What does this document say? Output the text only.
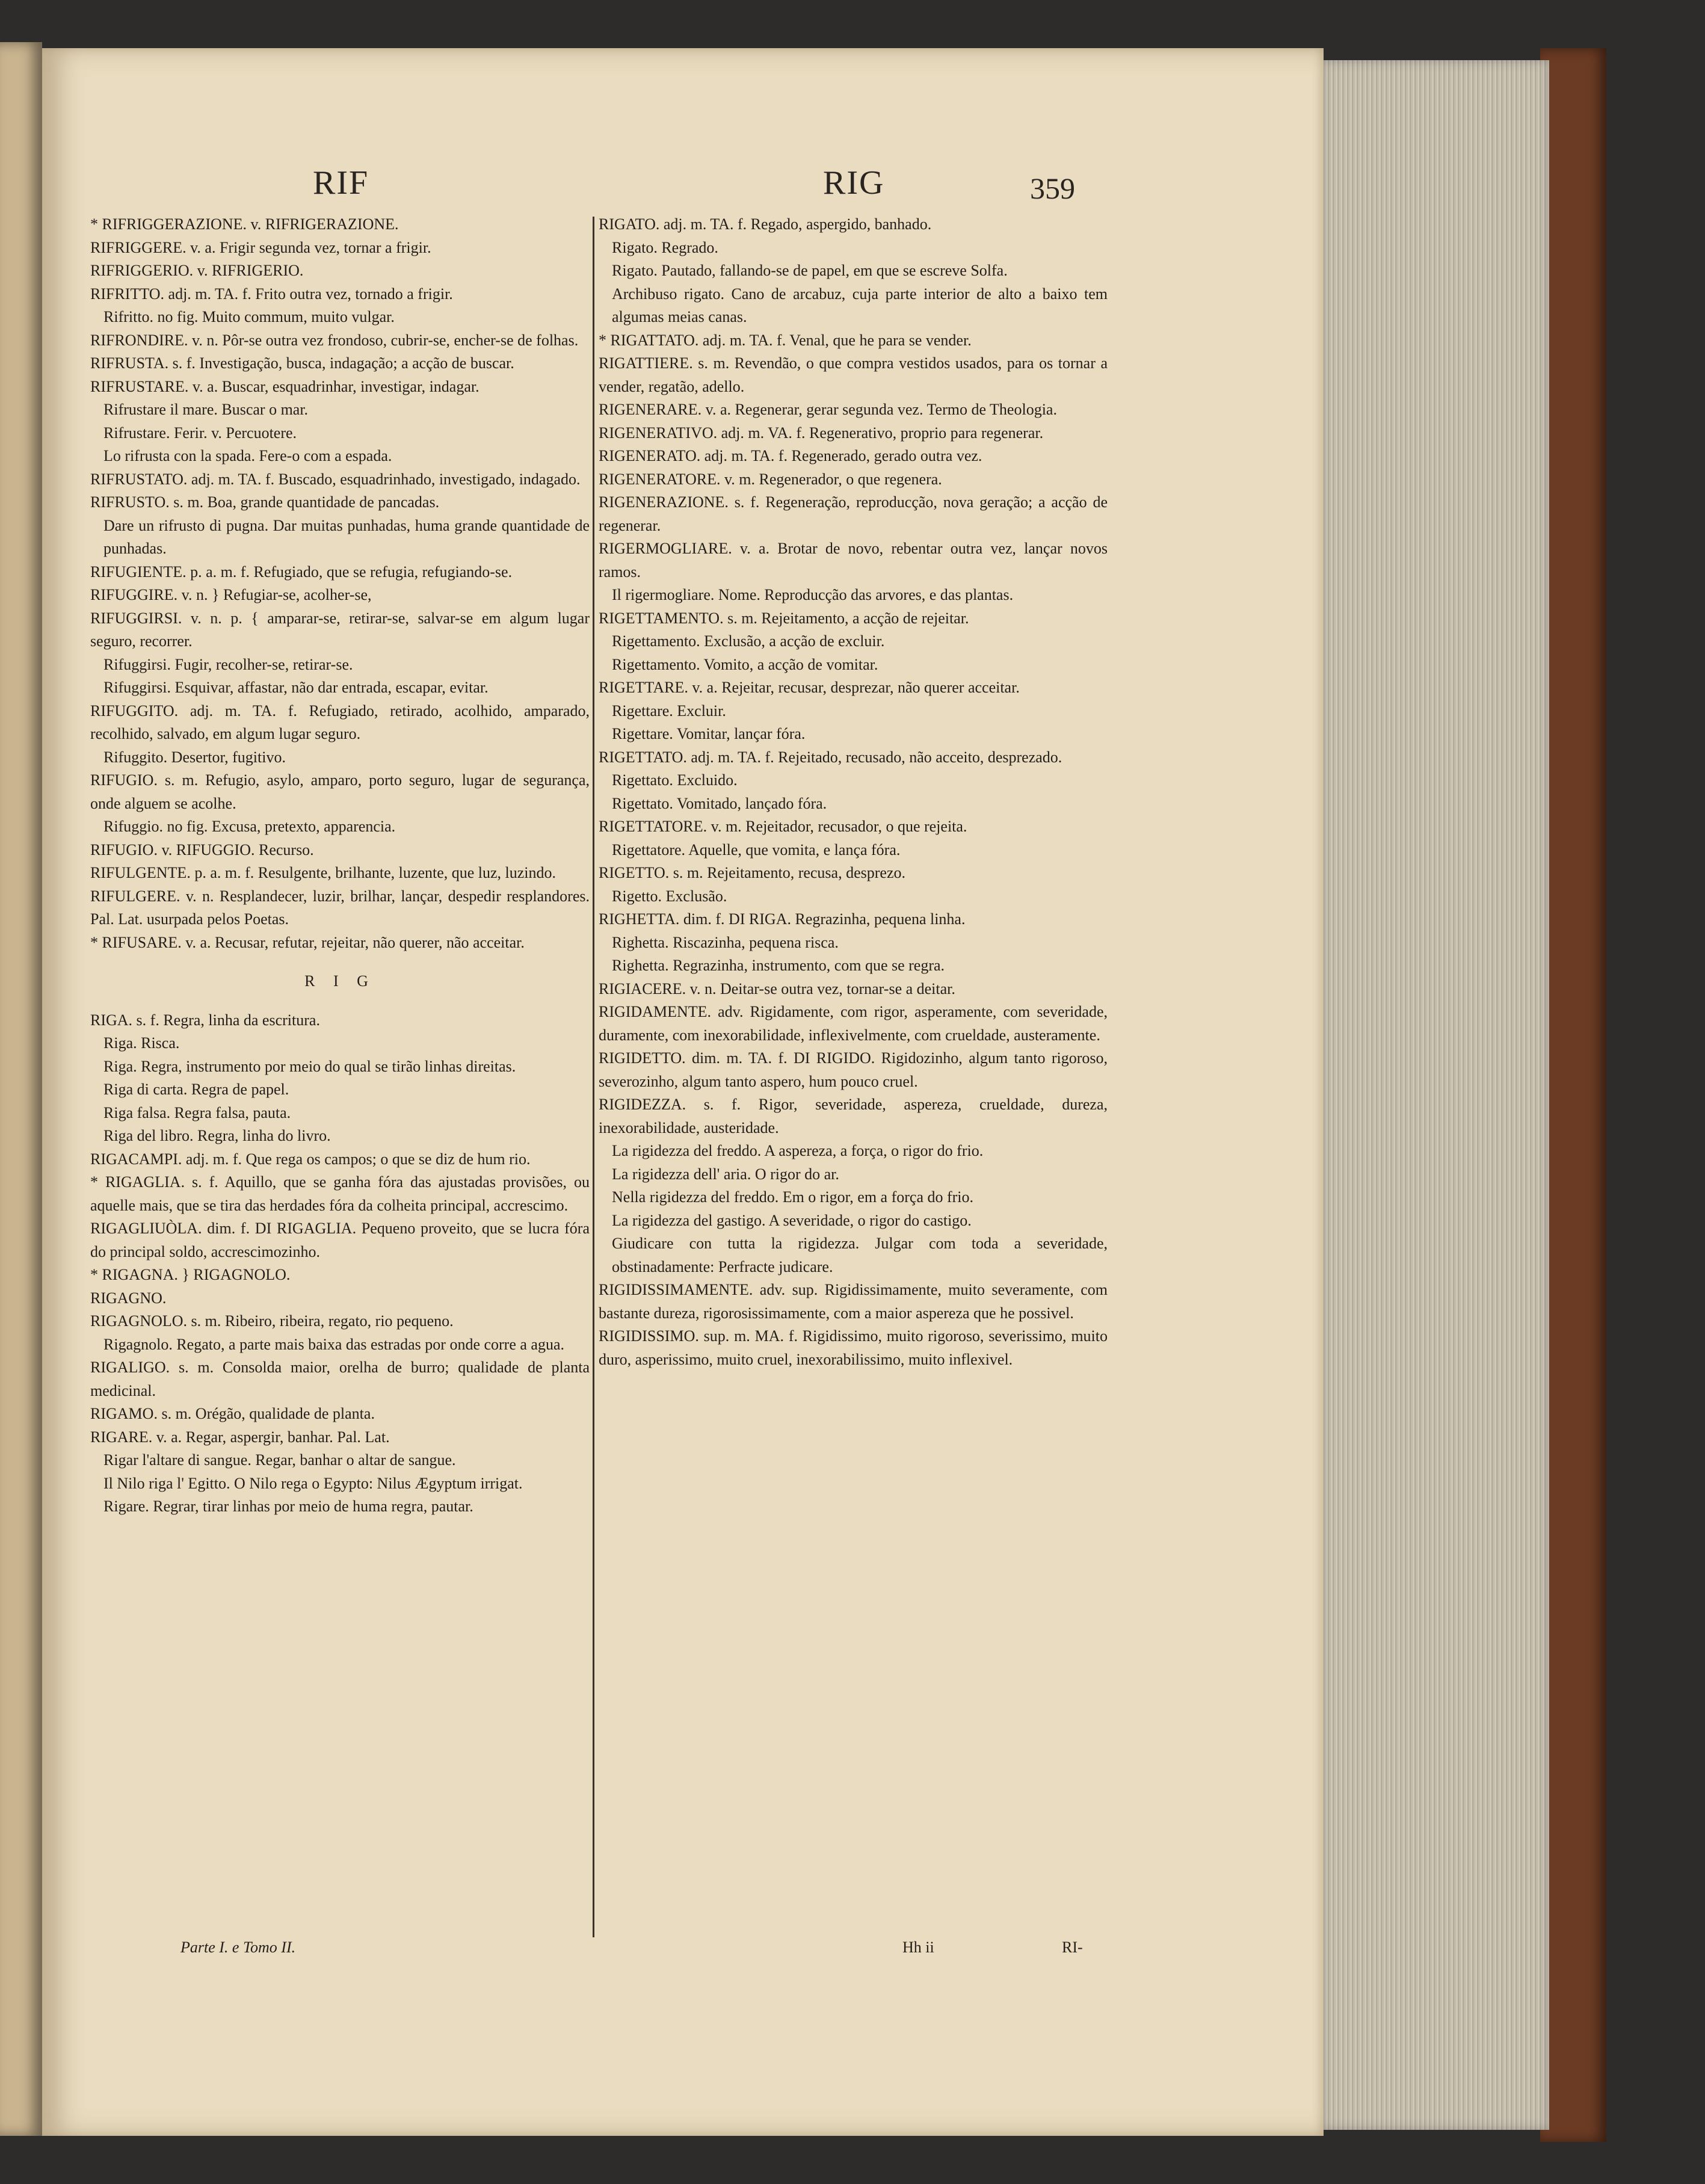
RIF	RIG	359

* RIFRIGGERAZIONE. v. RIFRIGERAZIONE.

RIFRIGGERE. v. a. Frigir segunda vez, tornar a frigir.

RIFRIGGERIO. v. RIFRIGERIO.

RIFRITTO. adj. m. TA. f. Frito outra vez, tornado a frigir.

Rifritto. no fig. Muito commum, muito vulgar.

RIFRONDIRE. v. n. Pôr-se outra vez frondoso, cubrir-se, encher-se de folhas.

RIFRUSTA. s. f. Investigação, busca, indagação; a acção de buscar.

RIFRUSTARE. v. a. Buscar, esquadrinhar, investigar, indagar.

Rifrustare il mare. Buscar o mar.

Rifrustare. Ferir. v. Percuotere.

Lo rifrusta con la spada. Fere-o com a espada.

RIFRUSTATO. adj. m. TA. f. Buscado, esquadrinhado, investigado, indagado.

RIFRUSTO. s. m. Boa, grande quantidade de pancadas.

Dare un rifrusto di pugna. Dar muitas punhadas, huma grande quantidade de punhadas.

RIFUGIENTE. p. a. m. f. Refugiado, que se refugia, refugiando-se.

RIFUGGIRE. v. n. } Refugiar-se, acolher-se,

RIFUGGIRSI. v. n. p. { amparar-se, retirar-se, salvar-se em algum lugar seguro, recorrer.

Rifuggirsi. Fugir, recolher-se, retirar-se.

Rifuggirsi. Esquivar, affastar, não dar entrada, escapar, evitar.

RIFUGGITO. adj. m. TA. f. Refugiado, retirado, acolhido, amparado, recolhido, salvado, em algum lugar seguro.

Rifuggito. Desertor, fugitivo.

RIFUGIO. s. m. Refugio, asylo, amparo, porto seguro, lugar de segurança, onde alguem se acolhe.

Rifuggio. no fig. Excusa, pretexto, apparencia.

RIFUGIO. v. RIFUGGIO. Recurso.

RIFULGENTE. p. a. m. f. Resulgente, brilhante, luzente, que luz, luzindo.

RIFULGERE. v. n. Resplandecer, luzir, brilhar, lançar, despedir resplandores. Pal. Lat. usurpada pelos Poetas.

* RIFUSARE. v. a. Recusar, refutar, rejeitar, não querer, não acceitar.

R I G

RIGA. s. f. Regra, linha da escritura.

Riga. Risca.

Riga. Regra, instrumento por meio do qual se tirão linhas direitas.

Riga di carta. Regra de papel.

Riga falsa. Regra falsa, pauta.

Riga del libro. Regra, linha do livro.

RIGACAMPI. adj. m. f. Que rega os campos; o que se diz de hum rio.

* RIGAGLIA. s. f. Aquillo, que se ganha fóra das ajustadas provisões, ou aquelle mais, que se tira das herdades fóra da colheita principal, accrescimo.

RIGAGLIUÒLA. dim. f. DI RIGAGLIA. Pequeno proveito, que se lucra fóra do principal soldo, accrescimozinho.

* RIGAGNA. } RIGAGNOLO.

RIGAGNO.

RIGAGNOLO. s. m. Ribeiro, ribeira, regato, rio pequeno.

Rigagnolo. Regato, a parte mais baixa das estradas por onde corre a agua.

RIGALIGO. s. m. Consolda maior, orelha de burro; qualidade de planta medicinal.

RIGAMO. s. m. Orégão, qualidade de planta.

RIGARE. v. a. Regar, aspergir, banhar. Pal. Lat.

Rigar l'altare di sangue. Regar, banhar o altar de sangue.

Il Nilo riga l' Egitto. O Nilo rega o Egypto: Nilus Ægyptum irrigat.

Rigare. Regrar, tirar linhas por meio de huma regra, pautar.

RIGATO. adj. m. TA. f. Regado, aspergido, banhado.

Rigato. Regrado.

Rigato. Pautado, fallando-se de papel, em que se escreve Solfa.

Archibuso rigato. Cano de arcabuz, cuja parte interior de alto a baixo tem algumas meias canas.

* RIGATTATO. adj. m. TA. f. Venal, que he para se vender.

RIGATTIERE. s. m. Revendão, o que compra vestidos usados, para os tornar a vender, regatão, adello.

RIGENERARE. v. a. Regenerar, gerar segunda vez. Termo de Theologia.

RIGENERATIVO. adj. m. VA. f. Regenerativo, proprio para regenerar.

RIGENERATO. adj. m. TA. f. Regenerado, gerado outra vez.

RIGENERATORE. v. m. Regenerador, o que regenera.

RIGENERAZIONE. s. f. Regeneração, reproducção, nova geração; a acção de regenerar.

RIGERMOGLIARE. v. a. Brotar de novo, rebentar outra vez, lançar novos ramos.

Il rigermogliare. Nome. Reproducção das arvores, e das plantas.

RIGETTAMENTO. s. m. Rejeitamento, a acção de rejeitar.

Rigettamento. Exclusão, a acção de excluir.

Rigettamento. Vomito, a acção de vomitar.

RIGETTARE. v. a. Rejeitar, recusar, desprezar, não querer acceitar.

Rigettare. Excluir.

Rigettare. Vomitar, lançar fóra.

RIGETTATO. adj. m. TA. f. Rejeitado, recusado, não acceito, desprezado.

Rigettato. Excluido.

Rigettato. Vomitado, lançado fóra.

RIGETTATORE. v. m. Rejeitador, recusador, o que rejeita.

Rigettatore. Aquelle, que vomita, e lança fóra.

RIGETTO. s. m. Rejeitamento, recusa, desprezo.

Rigetto. Exclusão.

RIGHETTA. dim. f. DI RIGA. Regrazinha, pequena linha.

Righetta. Riscazinha, pequena risca.

Righetta. Regrazinha, instrumento, com que se regra.

RIGIACERE. v. n. Deitar-se outra vez, tornar-se a deitar.

RIGIDAMENTE. adv. Rigidamente, com rigor, asperamente, com severidade, duramente, com inexorabilidade, inflexivelmente, com crueldade, austeramente.

RIGIDETTO. dim. m. TA. f. DI RIGIDO. Rigidozinho, algum tanto rigoroso, severozinho, algum tanto aspero, hum pouco cruel.

RIGIDEZZA. s. f. Rigor, severidade, aspereza, crueldade, dureza, inexorabilidade, austeridade.

La rigidezza del freddo. A aspereza, a força, o rigor do frio.

La rigidezza dell' aria. O rigor do ar.

Nella rigidezza del freddo. Em o rigor, em a força do frio.

La rigidezza del gastigo. A severidade, o rigor do castigo.

Giudicare con tutta la rigidezza. Julgar com toda a severidade, obstinadamente: Perfracte judicare.

RIGIDISSIMAMENTE. adv. sup. Rigidissimamente, muito severamente, com bastante dureza, rigorosissimamente, com a maior aspereza que he possivel.

RIGIDISSIMO. sup. m. MA. f. Rigidissimo, muito rigoroso, severissimo, muito duro, asperissimo, muito cruel, inexorabilissimo, muito inflexivel.

Parte I. e Tomo II.	Hh ii	RI-
